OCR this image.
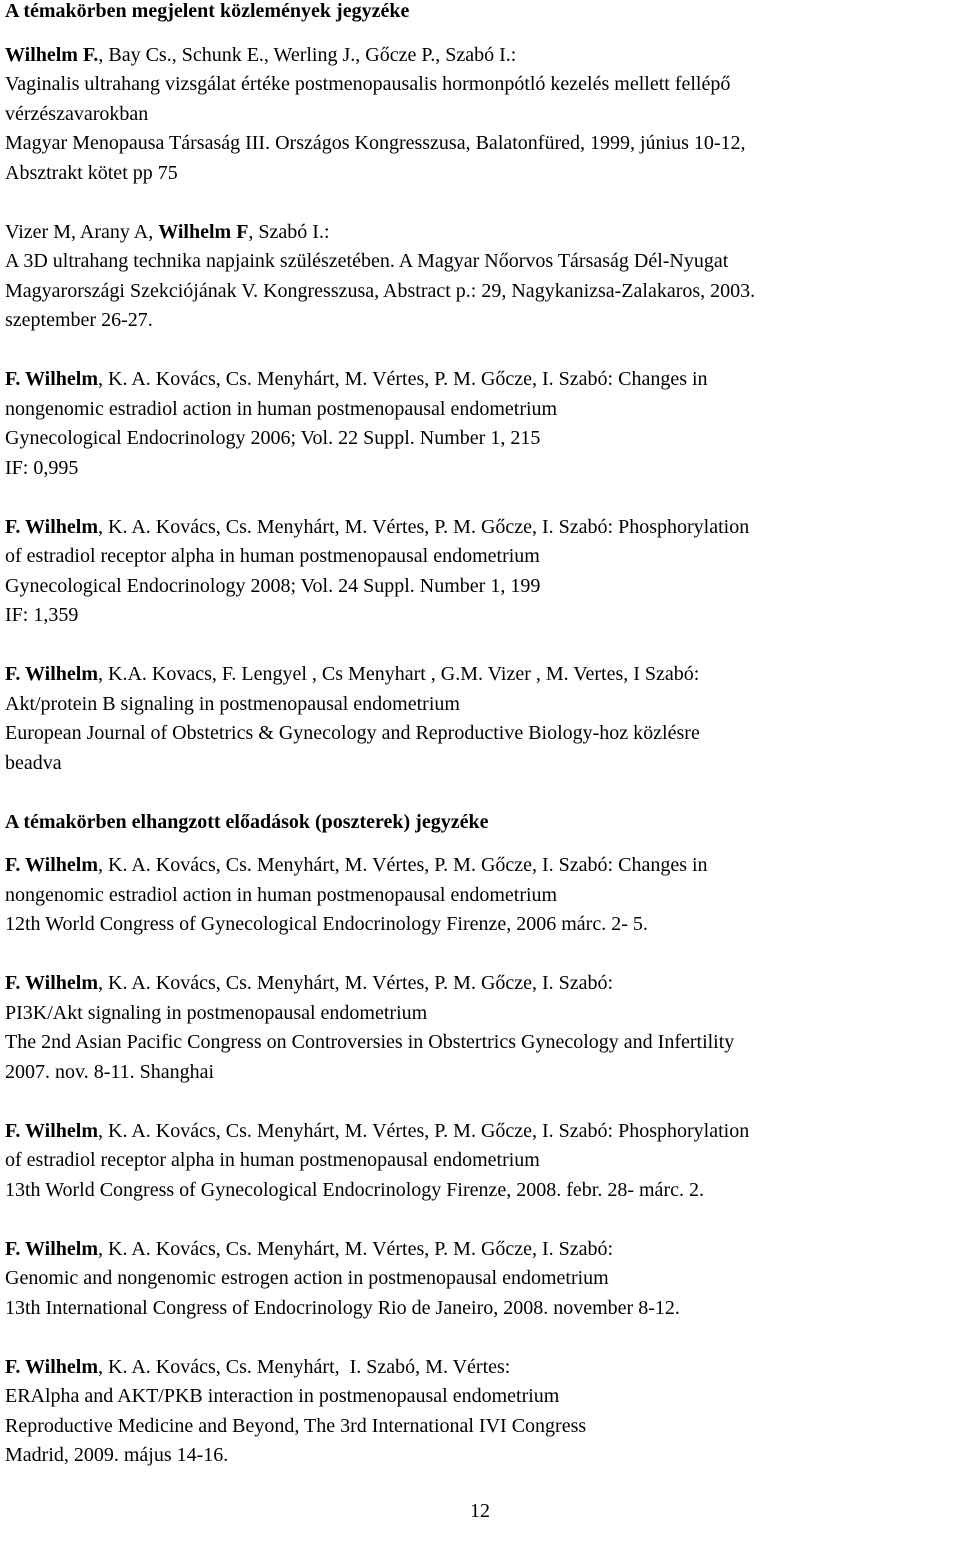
A témakörben megjelent közlemények jegyzéke
Wilhelm F., Bay Cs., Schunk E., Werling J., Gőcze P., Szabó I.:
Vaginalis ultrahang vizsgálat értéke postmenopausalis hormonpótló kezelés mellett fellépő
vérzészavarokban
Magyar Menopausa Társaság III. Országos Kongresszusa, Balatonfüred, 1999, június 10-12,
Absztrakt kötet pp 75
Vizer M, Arany A, Wilhelm F, Szabó I.:
A 3D ultrahang technika napjaink szülészetében. A Magyar Nőorvos Társaság Dél-Nyugat
Magyarországi Szekciójának V. Kongresszusa, Abstract p.: 29, Nagykanizsa-Zalakaros, 2003.
szeptember 26-27.
F. Wilhelm, K. A. Kovács, Cs. Menyhárt, M. Vértes, P. M. Gőcze, I. Szabó: Changes in
nongenomic estradiol action in human postmenopausal endometrium
Gynecological Endocrinology 2006; Vol. 22 Suppl. Number 1, 215
IF: 0,995
F. Wilhelm, K. A. Kovács, Cs. Menyhárt, M. Vértes, P. M. Gőcze, I. Szabó: Phosphorylation
of estradiol receptor alpha in human postmenopausal endometrium
Gynecological Endocrinology 2008; Vol. 24 Suppl. Number 1, 199
IF: 1,359
F. Wilhelm, K.A. Kovacs, F. Lengyel , Cs Menyhart , G.M. Vizer , M. Vertes, I Szabó:
Akt/protein B signaling in postmenopausal endometrium
European Journal of Obstetrics & Gynecology and Reproductive Biology-hoz közlésre
beadva
A témakörben elhangzott előadások (poszterek) jegyzéke
F. Wilhelm, K. A. Kovács, Cs. Menyhárt, M. Vértes, P. M. Gőcze, I. Szabó: Changes in
nongenomic estradiol action in human postmenopausal endometrium
12th World Congress of Gynecological Endocrinology Firenze, 2006 márc. 2- 5.
F. Wilhelm, K. A. Kovács, Cs. Menyhárt, M. Vértes, P. M. Gőcze, I. Szabó:
PI3K/Akt signaling in postmenopausal endometrium
The 2nd Asian Pacific Congress on Controversies in Obstertrics Gynecology and Infertility
2007. nov. 8-11. Shanghai
F. Wilhelm, K. A. Kovács, Cs. Menyhárt, M. Vértes, P. M. Gőcze, I. Szabó: Phosphorylation
of estradiol receptor alpha in human postmenopausal endometrium
13th World Congress of Gynecological Endocrinology Firenze, 2008. febr. 28- márc. 2.
F. Wilhelm, K. A. Kovács, Cs. Menyhárt, M. Vértes, P. M. Gőcze, I. Szabó:
Genomic and nongenomic estrogen action in postmenopausal endometrium
13th International Congress of Endocrinology Rio de Janeiro, 2008. november 8-12.
F. Wilhelm, K. A. Kovács, Cs. Menyhárt,  I. Szabó, M. Vértes:
ERAlpha and AKT/PKB interaction in postmenopausal endometrium
Reproductive Medicine and Beyond, The 3rd International IVI Congress
Madrid, 2009. május 14-16.
12
